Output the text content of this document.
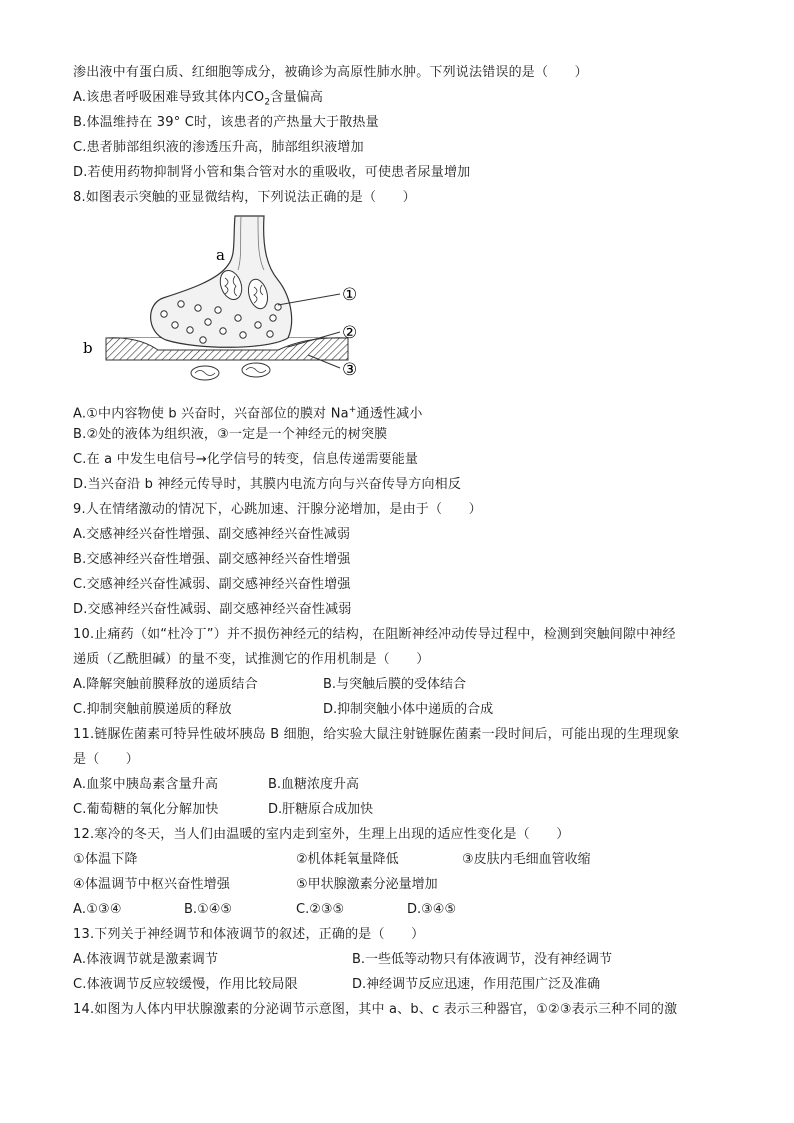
渗出液中有蛋白质、红细胞等成分，被确诊为高原性肺水肿。下列说法错误的是（　　）
A.该患者呼吸困难导致其体内$CO_2$含量偏高
B.体温维持在 39° C时，该患者的产热量大于散热量
C.患者肺部组织液的渗透压升高，肺部组织液增加
D.若使用药物抑制肾小管和集合管对水的重吸收，可使患者尿量增加
8.如图表示突触的亚显微结构，下列说法正确的是（　　）
a
b
①
②
③
A.①中内容物使 b 兴奋时，兴奋部位的膜对 Na+通透性减小
B.②处的液体为组织液，③一定是一个神经元的树突膜
C.在 a 中发生电信号→化学信号的转变，信息传递需要能量
D.当兴奋沿 b 神经元传导时，其膜内电流方向与兴奋传导方向相反
9.人在情绪激动的情况下，心跳加速、汗腺分泌增加，是由于（　　）
A.交感神经兴奋性增强、副交感神经兴奋性减弱
B.交感神经兴奋性增强、副交感神经兴奋性增强
C.交感神经兴奋性减弱、副交感神经兴奋性增强
D.交感神经兴奋性减弱、副交感神经兴奋性减弱
10.止痛药（如“杜冷丁”）并不损伤神经元的结构，在阻断神经冲动传导过程中，检测到突触间隙中神经
递质（乙酰胆碱）的量不变，试推测它的作用机制是（　　）
A.降解突触前膜释放的递质结合	B.与突触后膜的受体结合
C.抑制突触前膜递质的释放	D.抑制突触小体中递质的合成
11.链脲佐菌素可特异性破坏胰岛 B 细胞，给实验大鼠注射链脲佐菌素一段时间后，可能出现的生理现象
是（　　）
A.血浆中胰岛素含量升高	B.血糖浓度升高
C.葡萄糖的氧化分解加快	D.肝糖原合成加快
12.寒冷的冬天，当人们由温暖的室内走到室外，生理上出现的适应性变化是（　　）
①体温下降	②机体耗氧量降低	③皮肤内毛细血管收缩
④体温调节中枢兴奋性增强	⑤甲状腺激素分泌量增加
A.①③④	B.①④⑤	C.②③⑤	D.③④⑤
13.下列关于神经调节和体液调节的叙述，正确的是（　　）
A.体液调节就是激素调节	B.一些低等动物只有体液调节，没有神经调节
C.体液调节反应较缓慢，作用比较局限	D.神经调节反应迅速，作用范围广泛及准确
14.如图为人体内甲状腺激素的分泌调节示意图，其中 a、b、c 表示三种器官，①②③表示三种不同的激
